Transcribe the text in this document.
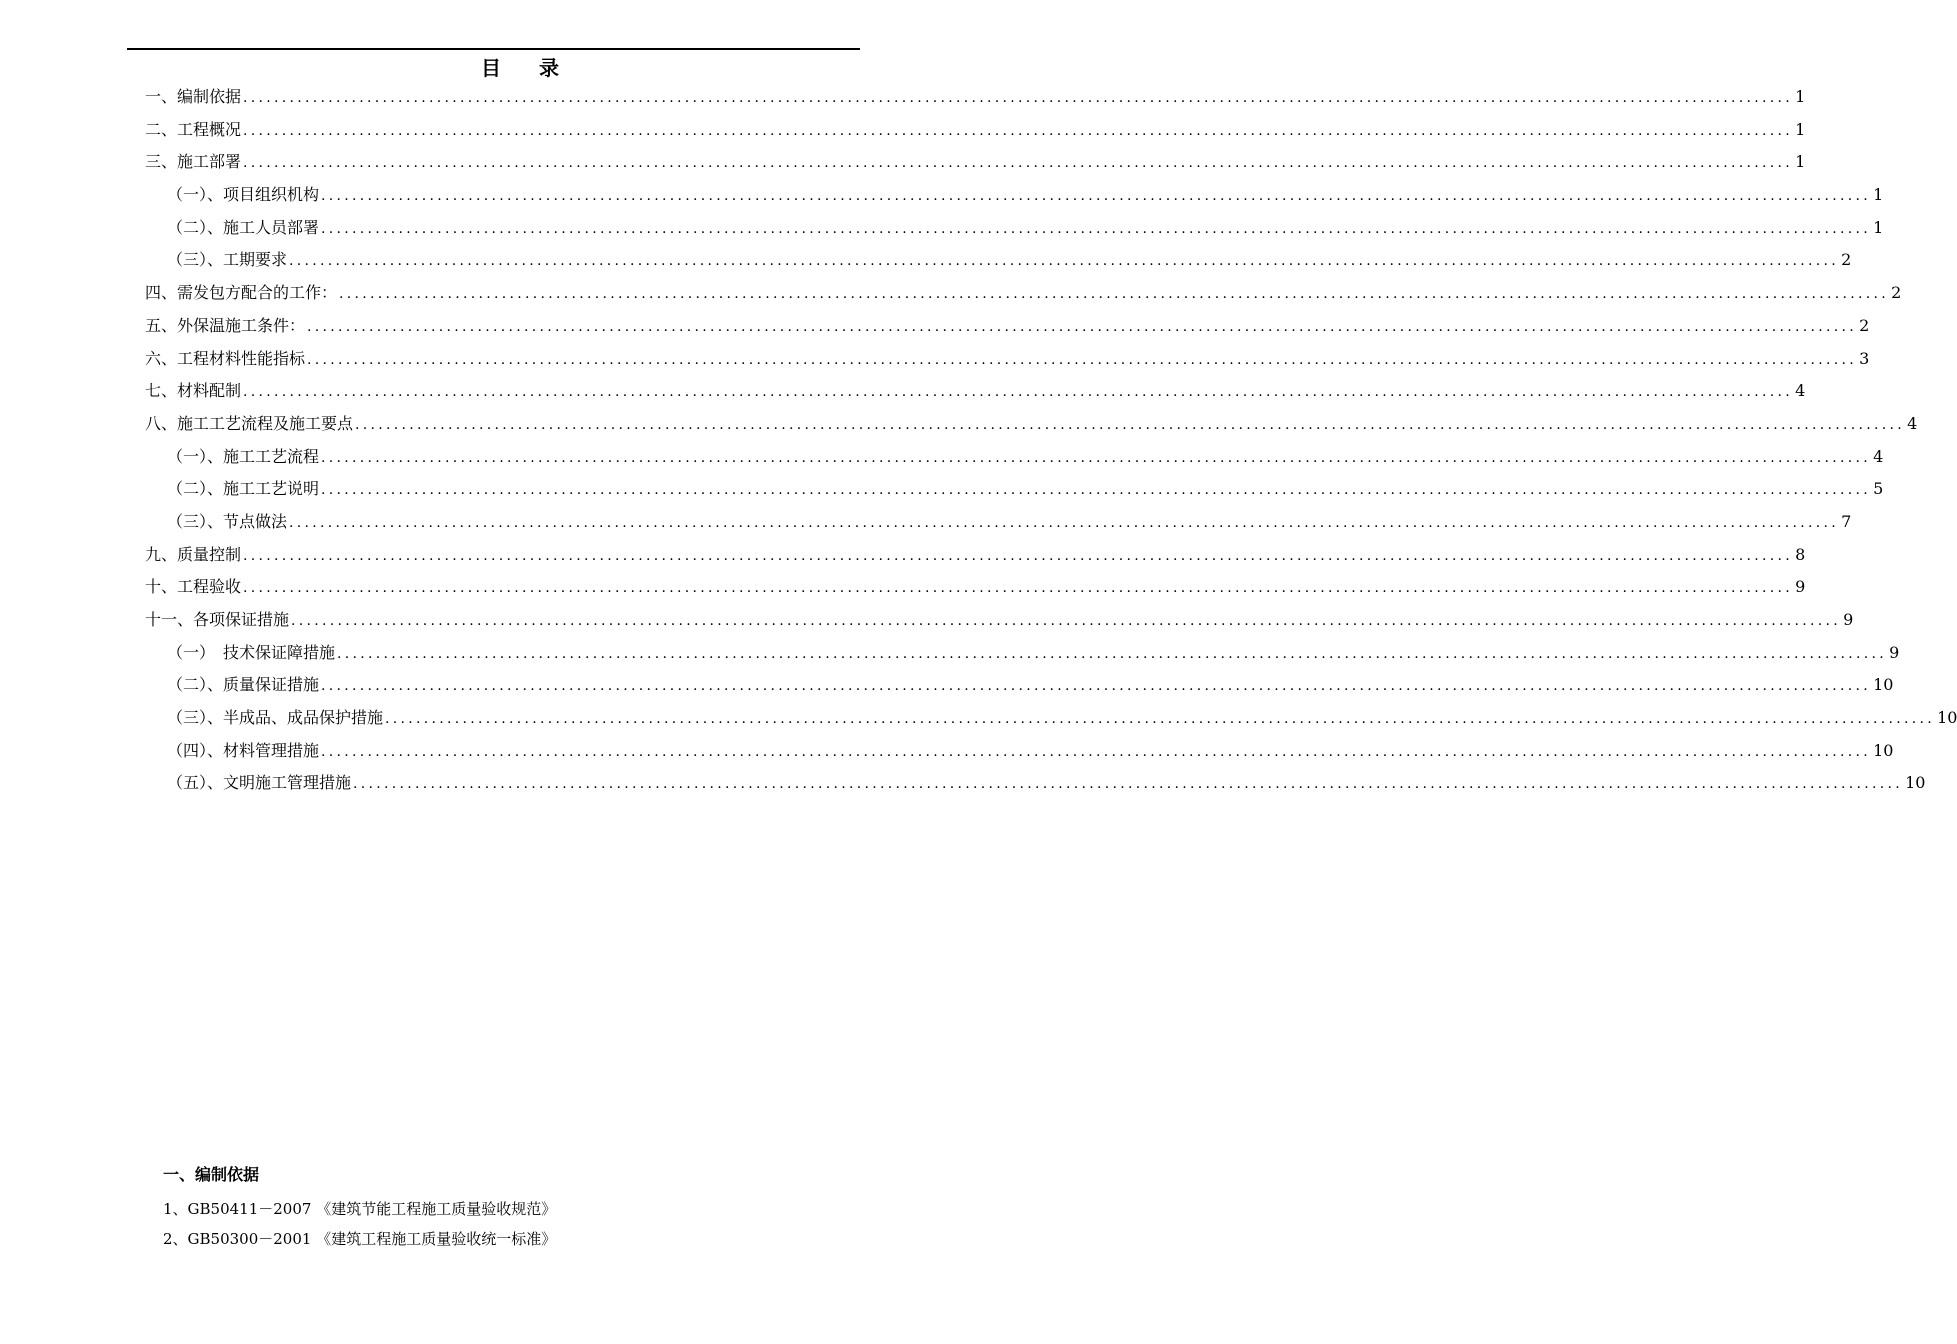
目 录
一、编制依据 ........................................................................................................................................................................................................ 1
二、工程概况 ........................................................................................................................................................................................................ 1
三、施工部署 ........................................................................................................................................................................................................ 1
（一）、项目组织机构 ........................................................................................................................................................................................................ 1
（二）、施工人员部署 ........................................................................................................................................................................................................ 1
（三）、工期要求 ........................................................................................................................................................................................................ 2
四、需发包方配合的工作： ........................................................................................................................................................................................................ 2
五、外保温施工条件： ........................................................................................................................................................................................................ 2
六、工程材料性能指标 ........................................................................................................................................................................................................ 3
七、材料配制 ........................................................................................................................................................................................................ 4
八、施工工艺流程及施工要点 ........................................................................................................................................................................................................ 4
（一）、施工工艺流程 ........................................................................................................................................................................................................ 4
（二）、施工工艺说明 ........................................................................................................................................................................................................ 5
（三）、节点做法 ........................................................................................................................................................................................................ 7
九、质量控制 ........................................................................................................................................................................................................ 8
十、工程验收 ........................................................................................................................................................................................................ 9
十一、各项保证措施 ........................................................................................................................................................................................................ 9
（一）　技术保证障措施 ........................................................................................................................................................................................................ 9
（二）、质量保证措施 ........................................................................................................................................................................................................ 10
（三）、半成品、成品保护措施 ........................................................................................................................................................................................................ 10
（四）、材料管理措施 ........................................................................................................................................................................................................ 10
（五）、文明施工管理措施 ........................................................................................................................................................................................................ 10
一、编制依据
1、GB50411－2007 《建筑节能工程施工质量验收规范》
2、GB50300－2001 《建筑工程施工质量验收统一标准》
